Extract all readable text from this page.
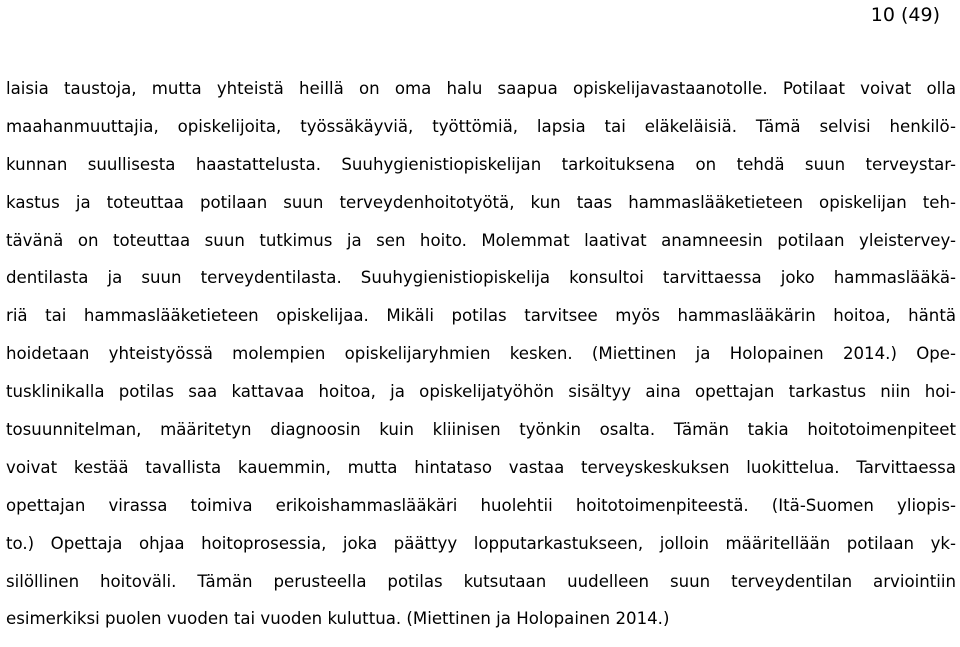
10 (49)
laisia taustoja, mutta yhteistä heillä on oma halu saapua opiskelijavastaanotolle. Potilaat voivat olla
maahanmuuttajia, opiskelijoita, työssäkäyviä, työttömiä, lapsia tai eläkeläisiä. Tämä selvisi henkilö-
kunnan suullisesta haastattelusta. Suuhygienistiopiskelijan tarkoituksena on tehdä suun terveystar-
kastus ja toteuttaa potilaan suun terveydenhoitotyötä, kun taas hammaslääketieteen opiskelijan teh-
tävänä on toteuttaa suun tutkimus ja sen hoito. Molemmat laativat anamneesin potilaan yleistervey-
dentilasta ja suun terveydentilasta. Suuhygienistiopiskelija konsultoi tarvittaessa joko hammaslääkä-
riä tai hammaslääketieteen opiskelijaa. Mikäli potilas tarvitsee myös hammaslääkärin hoitoa, häntä
hoidetaan yhteistyössä molempien opiskelijaryhmien kesken. (Miettinen ja Holopainen 2014.) Ope-
tusklinikalla potilas saa kattavaa hoitoa, ja opiskelijatyöhön sisältyy aina opettajan tarkastus niin hoi-
tosuunnitelman, määritetyn diagnoosin kuin kliinisen työnkin osalta. Tämän takia hoitotoimenpiteet
voivat kestää tavallista kauemmin, mutta hintataso vastaa terveyskeskuksen luokittelua. Tarvittaessa
opettajan virassa toimiva erikoishammaslääkäri huolehtii hoitotoimenpiteestä. (Itä-Suomen yliopis-
to.) Opettaja ohjaa hoitoprosessia, joka päättyy lopputarkastukseen, jolloin määritellään potilaan yk-
silöllinen hoitoväli. Tämän perusteella potilas kutsutaan uudelleen suun terveydentilan arviointiin
esimerkiksi puolen vuoden tai vuoden kuluttua. (Miettinen ja Holopainen 2014.)
